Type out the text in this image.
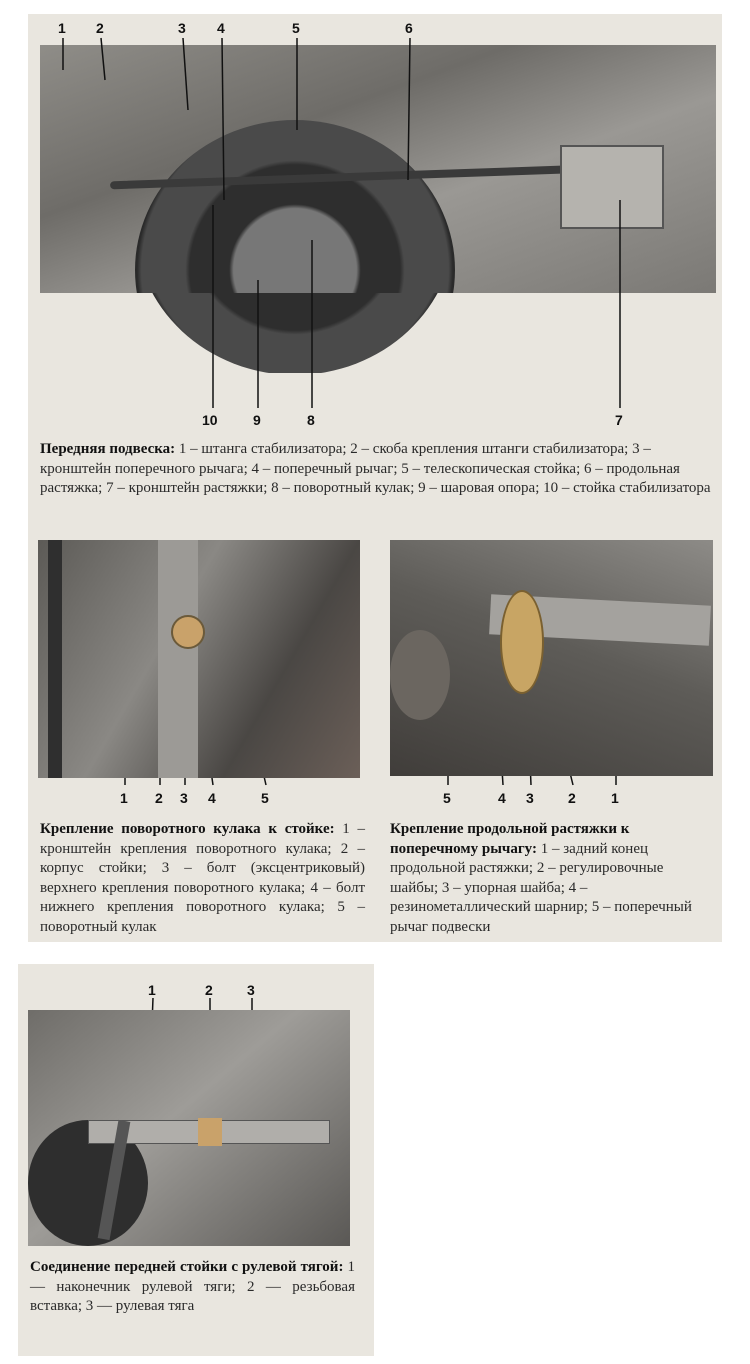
1 2	3 4	5	6
7
8
9
10
Передняя подвеска: 1 – штанга стабилизатора; 2 – скоба крепления штанги стабилизатора; 3 – кронштейн поперечного рычага; 4 – поперечный рычаг; 5 – телескопическая стойка; 6 – продольная растяжка; 7 – кронштейн растяжки; 8 – поворотный кулак; 9 – шаровая опора; 10 – стойка стабилизатора
1 2 3 4	5
Крепление поворотного кулака к стойке: 1 – кронштейн крепления поворотного кулака; 2 – корпус стойки; 3 – болт (эксцентриковый) верхнего крепления поворотного кулака; 4 – болт нижнего крепления поворотного кулака; 5 – поворотный кулак
5	4 3 2	1
Крепление продольной растяжки к поперечному рычагу: 1 – задний конец продольной растяжки; 2 – регулировочные шайбы; 3 – упорная шайба; 4 – резинометаллический шарнир; 5 – поперечный рычаг подвески
1	2 3
Соединение передней стойки с рулевой тягой: 1 — наконечник рулевой тяги; 2 — резьбовая вставка; 3 — рулевая тяга
